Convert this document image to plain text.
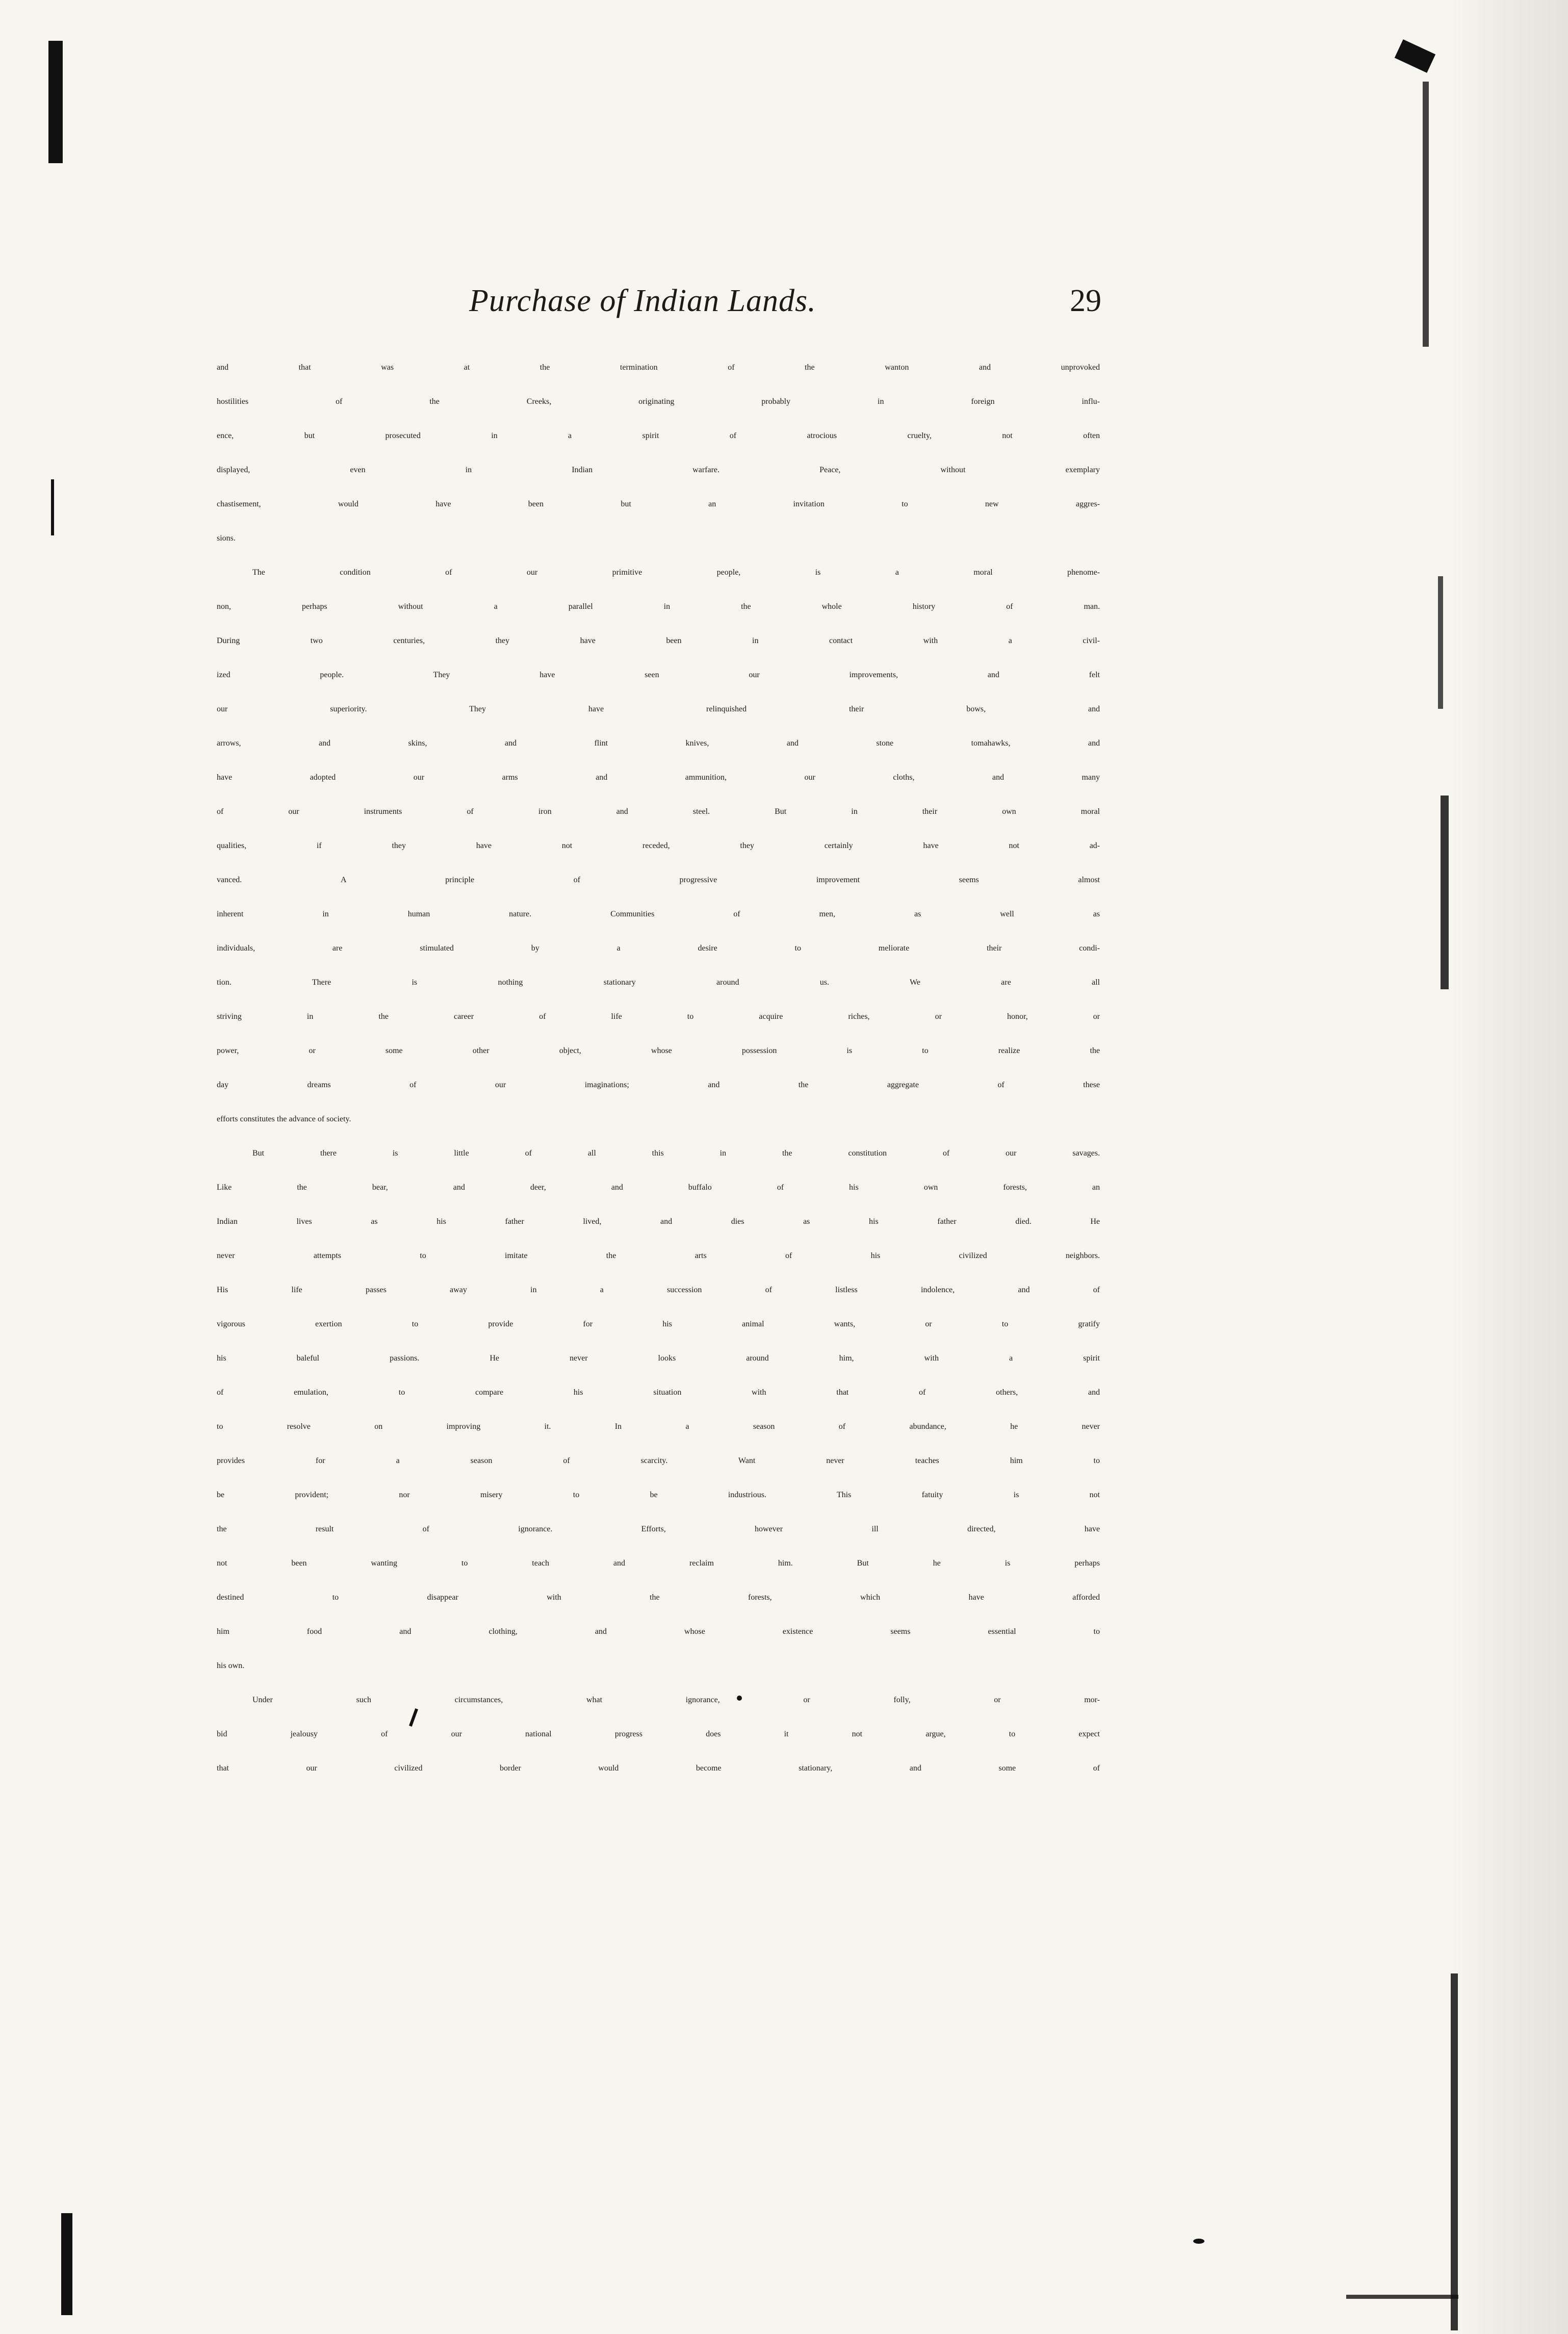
Purchase of Indian Lands.	29
and that was at the termination of the wanton and unprovoked
hostilities of the Creeks, originating probably in foreign influ-
ence, but prosecuted in a spirit of atrocious cruelty, not often
displayed, even in Indian warfare. Peace, without exemplary
chastisement, would have been but an invitation to new aggres-
sions.
The condition of our primitive people, is a moral phenome-
non, perhaps without a parallel in the whole history of man.
During two centuries, they have been in contact with a civil-
ized people. They have seen our improvements, and felt
our superiority. They have relinquished their bows, and
arrows, and skins, and flint knives, and stone tomahawks, and
have adopted our arms and ammunition, our cloths, and many
of our instruments of iron and steel. But in their own moral
qualities, if they have not receded, they certainly have not ad-
vanced. A principle of progressive improvement seems almost
inherent in human nature. Communities of men, as well as
individuals, are stimulated by a desire to meliorate their condi-
tion. There is nothing stationary around us. We are all
striving in the career of life to acquire riches, or honor, or
power, or some other object, whose possession is to realize the
day dreams of our imaginations; and the aggregate of these
efforts constitutes the advance of society.
But there is little of all this in the constitution of our savages.
Like the bear, and deer, and buffalo of his own forests, an
Indian lives as his father lived, and dies as his father died. He
never attempts to imitate the arts of his civilized neighbors.
His life passes away in a succession of listless indolence, and of
vigorous exertion to provide for his animal wants, or to gratify
his baleful passions. He never looks around him, with a spirit
of emulation, to compare his situation with that of others, and
to resolve on improving it. In a season of abundance, he never
provides for a season of scarcity. Want never teaches him to
be provident; nor misery to be industrious. This fatuity is not
the result of ignorance. Efforts, however ill directed, have
not been wanting to teach and reclaim him. But he is perhaps
destined to disappear with the forests, which have afforded
him food and clothing, and whose existence seems essential to
his own.
Under such circumstances, what ignorance, or folly, or mor-
bid jealousy of our national progress does it not argue, to expect
that our civilized border would become stationary, and some of
